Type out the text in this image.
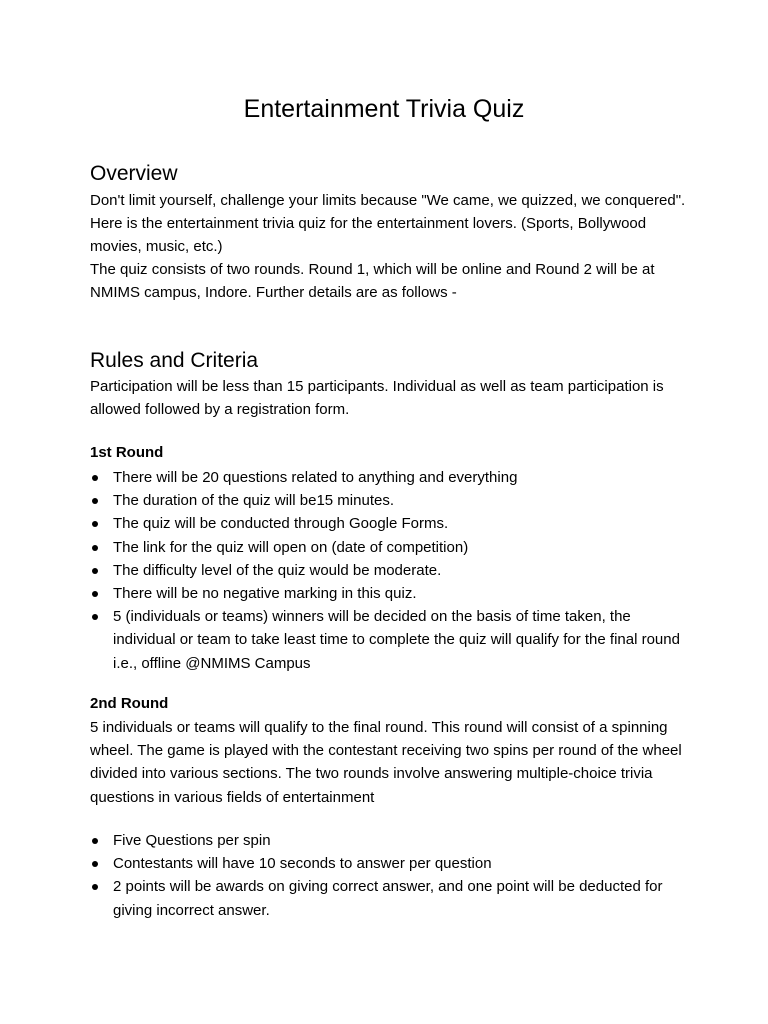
Entertainment Trivia Quiz
Overview

Don't limit yourself, challenge your limits because "We came, we quizzed, we conquered". Here is the entertainment trivia quiz for the entertainment lovers. (Sports, Bollywood movies, music, etc.)

The quiz consists of two rounds. Round 1, which will be online and Round 2 will be at NMIMS campus, Indore. Further details are as follows -

Rules and Criteria

Participation will be less than 15 participants. Individual as well as team participation is allowed followed by a registration form.

1st Round
There will be 20 questions related to anything and everything
The duration of the quiz will be15 minutes.
The quiz will be conducted through Google Forms.
The link for the quiz will open on (date of competition)
The difficulty level of the quiz would be moderate.
There will be no negative marking in this quiz.
5 (individuals or teams) winners will be decided on the basis of time taken, the individual or team to take least time to complete the quiz will qualify for the final round i.e., offline @NMIMS Campus
2nd Round

5 individuals or teams will qualify to the final round. This round will consist of a spinning wheel. The game is played with the contestant receiving two spins per round of the wheel divided into various sections. The two rounds involve answering multiple-choice trivia questions in various fields of entertainment

Five Questions per spin
Contestants will have 10 seconds to answer per question
2 points will be awards on giving correct answer, and one point will be deducted for giving incorrect answer.
